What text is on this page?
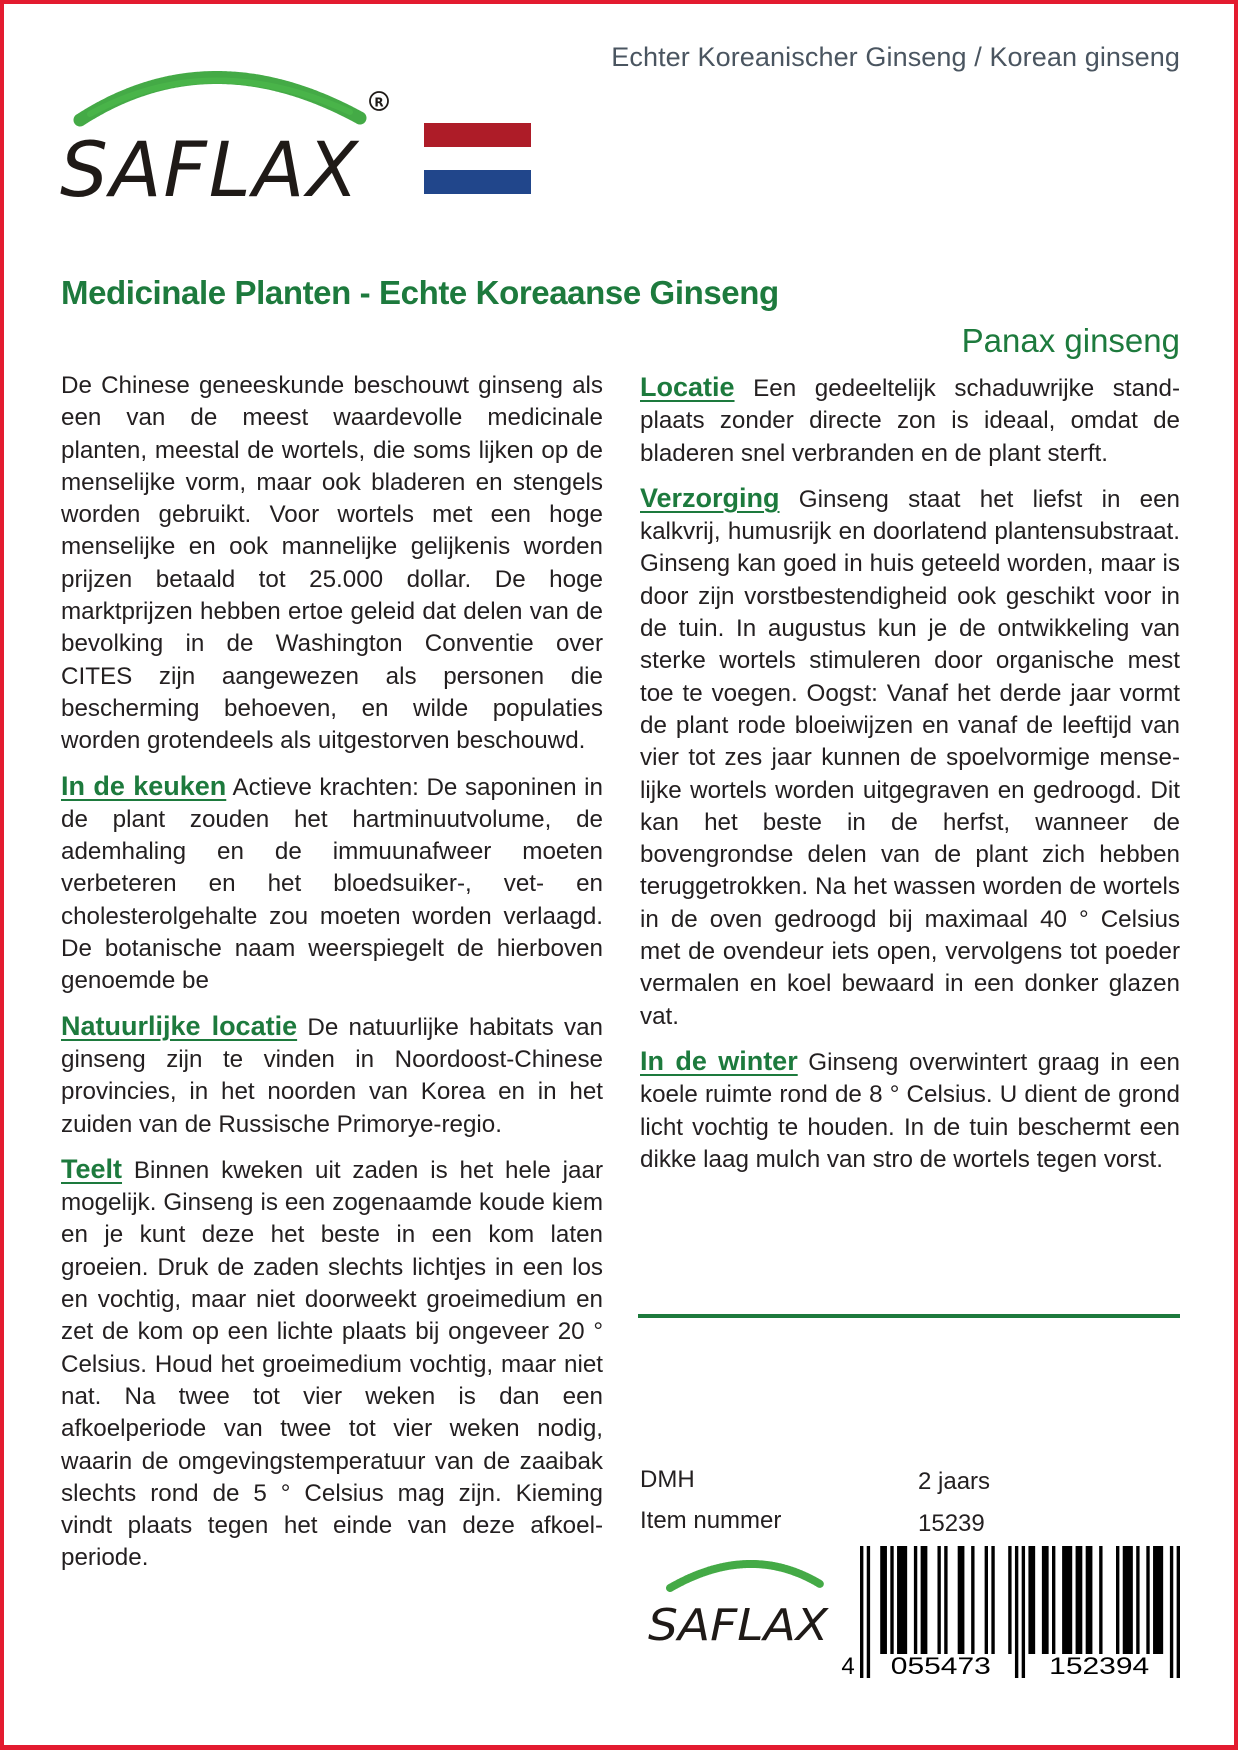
SAFLAX
R
Echter Koreanischer Ginseng / Korean ginseng
Medicinale Planten - Echte Koreaanse Ginseng
Panax ginseng

De Chinese geneeskunde beschouwt ginseng als een van de meest waardevolle medicinale planten, meestal de wortels, die soms lijken op de menselijke vorm, maar ook bladeren en stengels worden gebruikt. Voor wortels met een hoge menselijke en ook mannelijke gelijkenis worden prijzen betaald tot 25.000 dollar. De hoge marktprijzen hebben ertoe geleid dat delen van de bevolking in de Washington Conventie over CITES zijn aangewezen als personen die bescherming behoeven, en wilde populaties worden grotendeels als uitgestorven beschouwd.

In de keuken Actieve krachten: De saponinen in de plant zouden het hartminuutvolume, de ademhaling en de immuunafweer moeten verbeteren en het bloedsuiker-, vet- en cholesterolgehalte zou moeten worden verlaagd. De botanische naam weerspiegelt de hierboven genoemde be

Natuurlijke locatie De natuurlijke habitats van ginseng zijn te vinden in Noordoost-Chinese provincies, in het noorden van Korea en in het zuiden van de Russische Primorye-regio.

Teelt Binnen kweken uit zaden is het hele jaar mogelijk. Ginseng is een zogenaamde koude kiem en je kunt deze het beste in een kom laten groeien. Druk de zaden slechts lichtjes in een los en vochtig, maar niet doorweekt groeimedium en zet de kom op een lichte plaats bij ongeveer 20 ° Celsius. Houd het groeimedium vochtig, maar niet nat. Na twee tot vier weken is dan een afkoelperiode van twee tot vier weken nodig, waarin de omgevingstemperatuur van de zaaibak slechts rond de 5 ° Celsius mag zijn. Kieming vindt plaats tegen het einde van deze afkoelperiode.

Locatie Een gedeeltelijk schaduwrijke standplaats zonder directe zon is ideaal, omdat de bladeren snel verbranden en de plant sterft.

Verzorging Ginseng staat het liefst in een kalkvrij, humusrijk en doorlatend plantensubstraat. Ginseng kan goed in huis geteeld worden, maar is door zijn vorstbestendigheid ook geschikt voor in de tuin. In augustus kun je de ontwikkeling van sterke wortels stimuleren door organische mest toe te voegen. Oogst: Vanaf het derde jaar vormt de plant rode bloeiwijzen en vanaf de leeftijd van vier tot zes jaar kunnen de spoelvormige menselijke wortels worden uitgegraven en gedroogd. Dit kan het beste in de herfst, wanneer de bovengrondse delen van de plant zich hebben teruggetrokken. Na het wassen worden de wortels in de oven gedroogd bij maximaal 40 ° Celsius met de ovendeur iets open, vervolgens tot poeder vermalen en koel bewaard in een donker glazen vat.

In de winter Ginseng overwintert graag in een koele ruimte rond de 8 ° Celsius. U dient de grond licht vochtig te houden. In de tuin beschermt een dikke laag mulch van stro de wortels tegen vorst.

DMH	2 jaars
Item nummer	15239
SAFLAX
4 055473 152394
